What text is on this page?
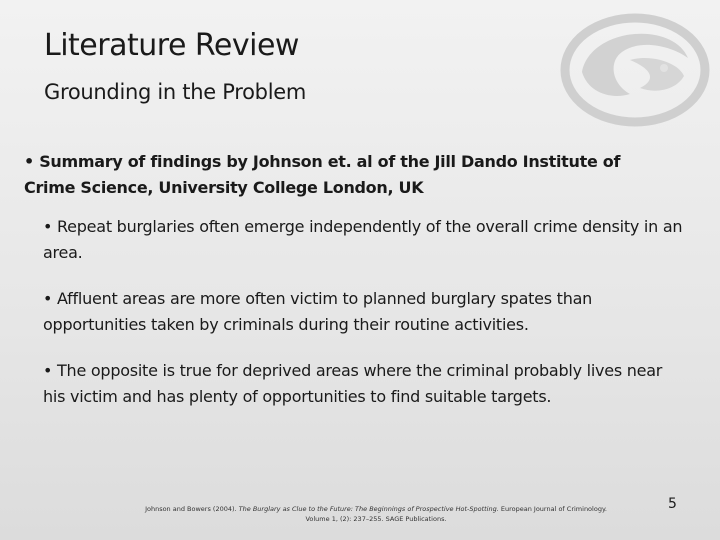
Literature Review
Grounding in the Problem

• Summary of findings by Johnson et. al of the Jill Dando Institute of Crime Science, University College London, UK

• Repeat burglaries often emerge independently of the overall crime density in an area.

• Affluent areas are more often victim to planned burglary spates than opportunities taken by criminals during their routine activities.

• The opposite is true for deprived areas where the criminal probably lives near his victim and has plenty of opportunities to find suitable targets.

Johnson and Bowers (2004). The Burglary as Clue to the Future: The Beginnings of Prospective Hot-Spotting. European Journal of Criminology.
Volume 1, (2): 237–255. SAGE Publications.

5
